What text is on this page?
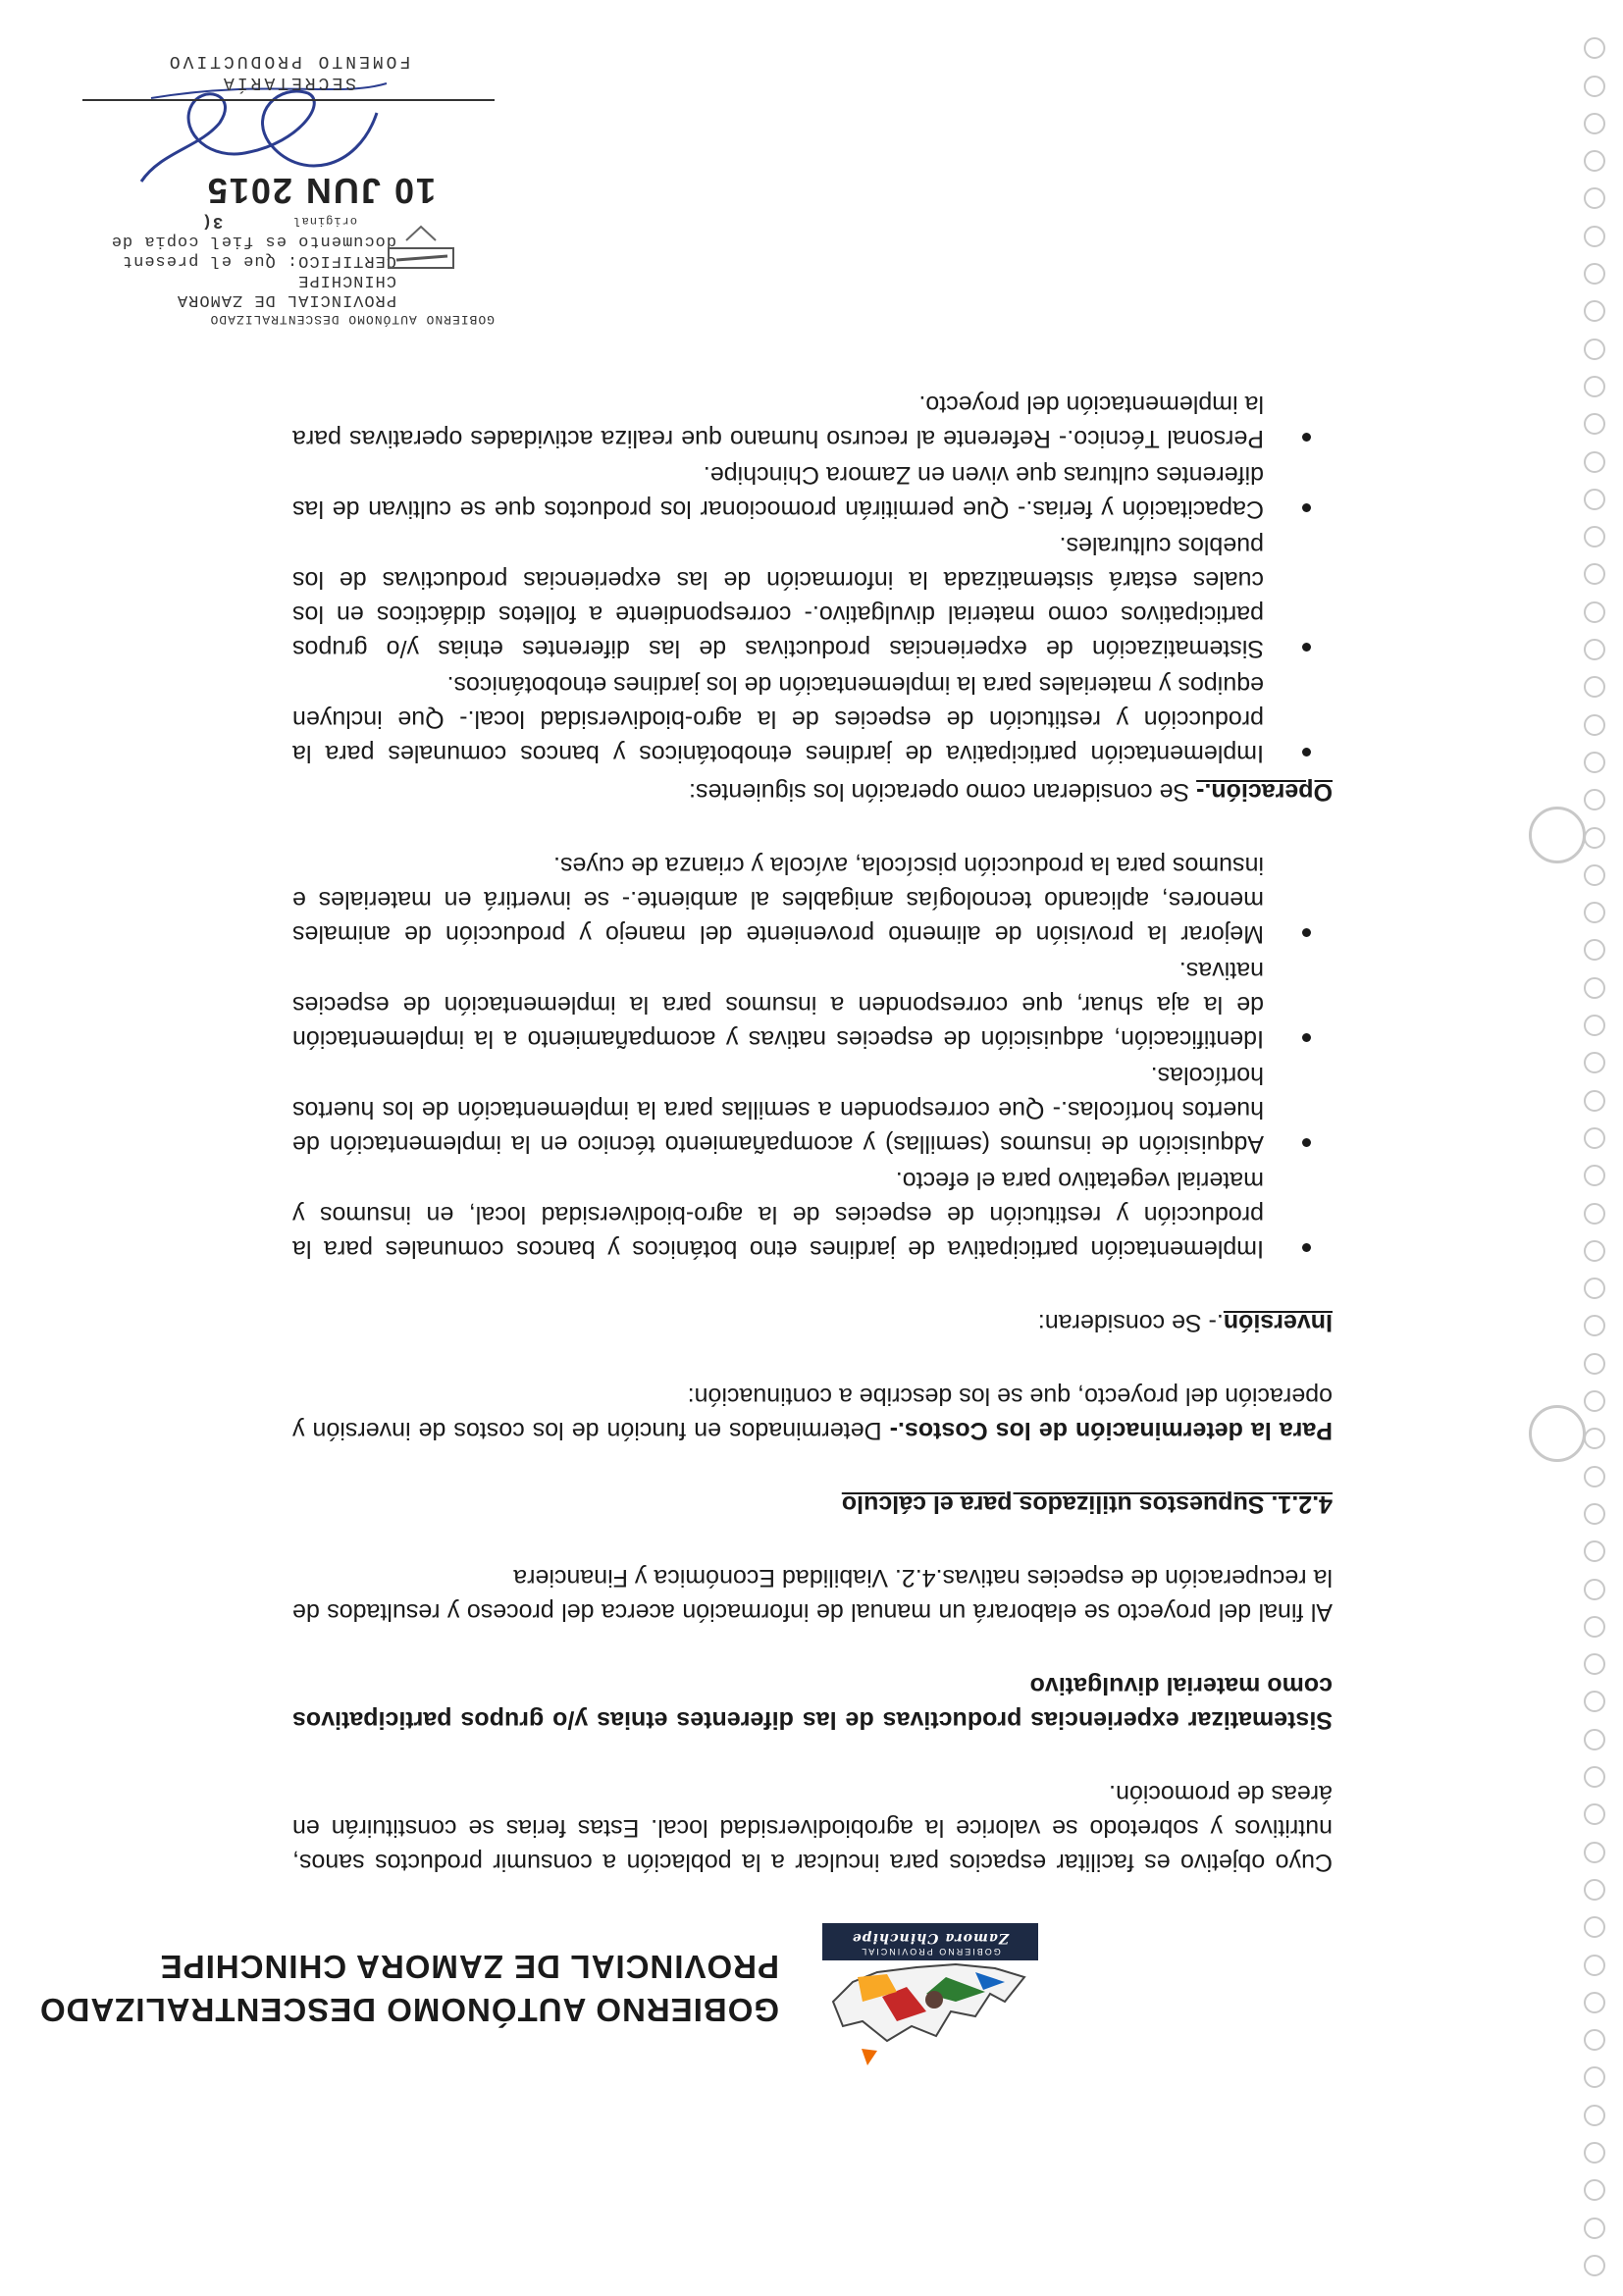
GOBIERNO PROVINCIAL
Zamora Chinchipe
GOBIERNO AUTÓNOMO DESCENTRALIZADO
PROVINCIAL DE ZAMORA CHINCHIPE

Cuyo objetivo es facilitar espacios para inculcar a la población a consumir productos sanos, nutritivos y sobretodo se valorice la agrobiodiversidad local. Estas ferias se constituirán en áreas de promoción.

Sistematizar experiencias productivas de las diferentes etnias y/o grupos participativos como material divulgativo

Al final del proyecto se elaborará un manual de información acerca del proceso y resultados de la recuperación de especies nativas.4.2. Viabilidad Económica y Financiera

4.2.1. Supuestos utilizados para el cálculo

Para la determinación de los Costos.- Determinados en función de los costos de inversión y operación del proyecto, que se los describe a continuación:

Inversión.- Se consideran:

Implementación participativa de jardines etno botánicos y bancos comunales para la producción y restitución de especies de la agro-biodiversidad local, en insumos y material vegetativo para el efecto.
Adquisición de insumos (semillas) y acompañamiento técnico en la implementación de huertos hortícolas.- Que corresponden a semillas para la implementación de los huertos hortícolas.
Identificación, adquisición de especies nativas y acompañamiento a la implementación de la aja shuar, que corresponden a insumos para la implementación de especies nativas.
Mejorar la provisión de alimento proveniente del manejo y producción de animales menores, aplicando tecnologías amigables al ambiente.- se invertirá en materiales e insumos para la producción piscícola, avícola y crianza de cuyes.

Operación.- Se consideran como operación los siguientes:

Implementación participativa de jardines etnobotánicos y bancos comunales para la producción y restitución de especies de la agro-biodiversidad local.- Que incluyen equipos y materiales para la implementación de los jardines etnobotánicos.
Sistematización de experiencias productivas de las diferentes etnias y/o grupos participativos como material divulgativo.- correspondiente a folletos didácticos en los cuales estará sistematizada la información de las experiencias productivas de los pueblos culturales.
Capacitación y ferias.- Que permitirán promocionar los productos que se cultivan de las diferentes culturas que viven en Zamora Chinchipe.
Personal Técnico.- Referente al recurso humano que realiza actividades operativas para la implementación del proyecto.
GOBIERNO AUTÓNOMO DESCENTRALIZADO
PROVINCIAL DE ZAMORA CHINCHIPE
CERTIFICO: Que el present
documento es fiel copia de
original 3(
10 JUN 2015
SECRETARÍA
FOMENTO PRODUCTIVO
